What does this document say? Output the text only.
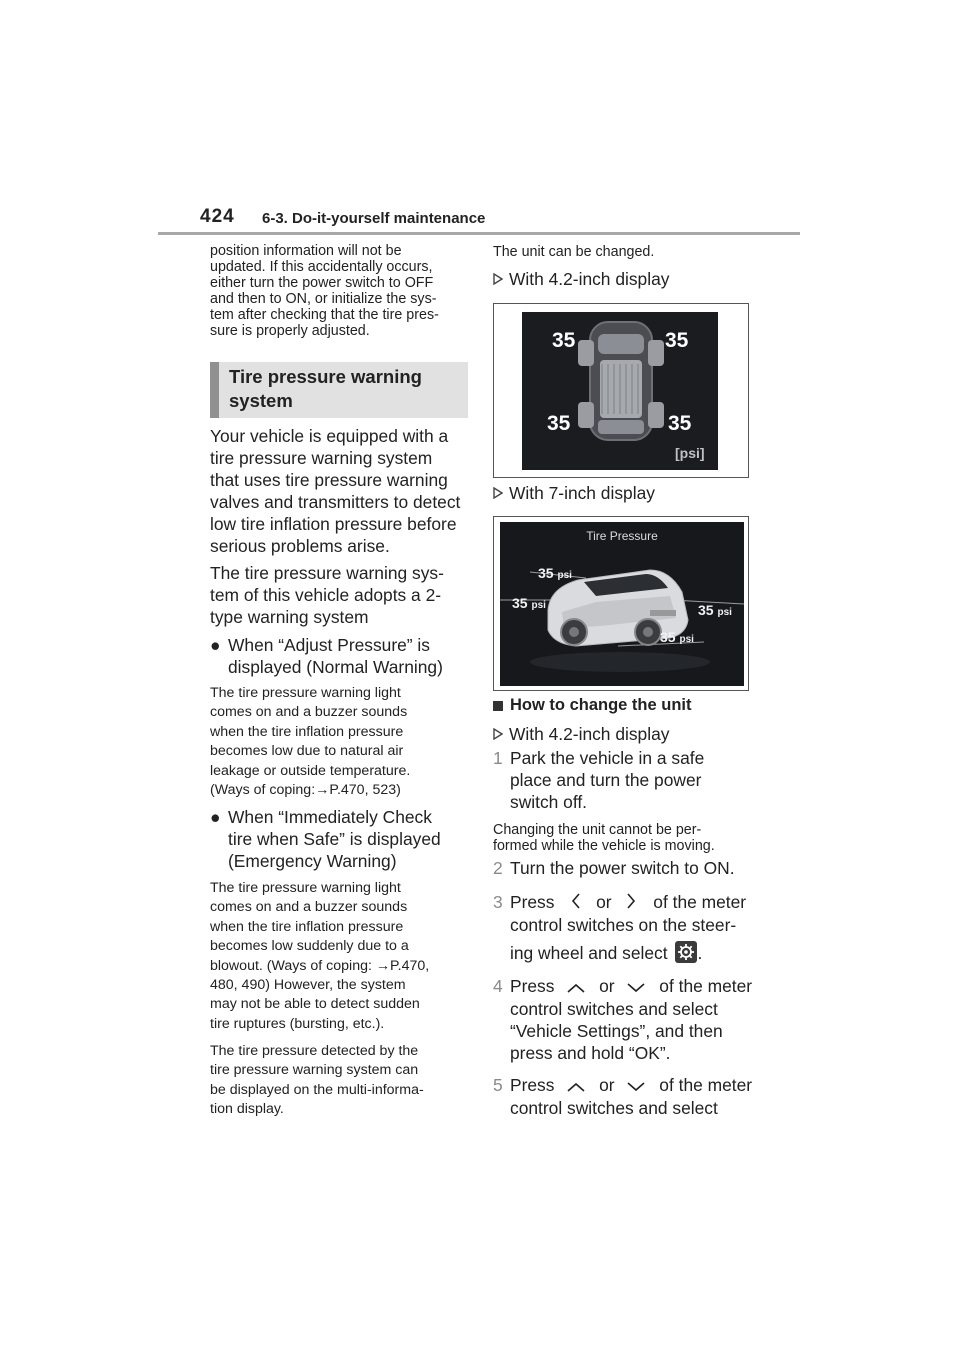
424 6-3. Do-it-yourself maintenance
position information will not be
updated. If this accidentally occurs,
either turn the power switch to OFF
and then to ON, or initialize the sys-
tem after checking that the tire pres-
sure is properly adjusted.
Tire pressure warning
system
Your vehicle is equipped with a
tire pressure warning system
that uses tire pressure warning
valves and transmitters to detect
low tire inflation pressure before
serious problems arise.
The tire pressure warning sys-
tem of this vehicle adopts a 2-
type warning system
● When “Adjust Pressure” is
displayed (Normal Warning)
The tire pressure warning light
comes on and a buzzer sounds
when the tire inflation pressure
becomes low due to natural air
leakage or outside temperature.
(Ways of coping:→P.470, 523)
● When “Immediately Check
tire when Safe” is displayed
(Emergency Warning)
The tire pressure warning light
comes on and a buzzer sounds
when the tire inflation pressure
becomes low suddenly due to a
blowout. (Ways of coping: →P.470,
480, 490) However, the system
may not be able to detect sudden
tire ruptures (bursting, etc.).
The tire pressure detected by the
tire pressure warning system can
be displayed on the multi-informa-
tion display.
The unit can be changed.
With 4.2-inch display
35	35
35	35
[psi]
With 7-inch display
Tire Pressure
35 psi
35 psi	35 psi
35 psi
How to change the unit
With 4.2-inch display
1 Park the vehicle in a safe
place and turn the power
switch off.
Changing the unit cannot be per-
formed while the vehicle is moving.
2 Turn the power switch to ON.
3 Press or of the meter
control switches on the steer-
ing wheel and select .
4 Press	or	of the meter
control switches and select
“Vehicle Settings”, and then
press and hold “OK”.
5 Press	or	of the meter
control switches and select
